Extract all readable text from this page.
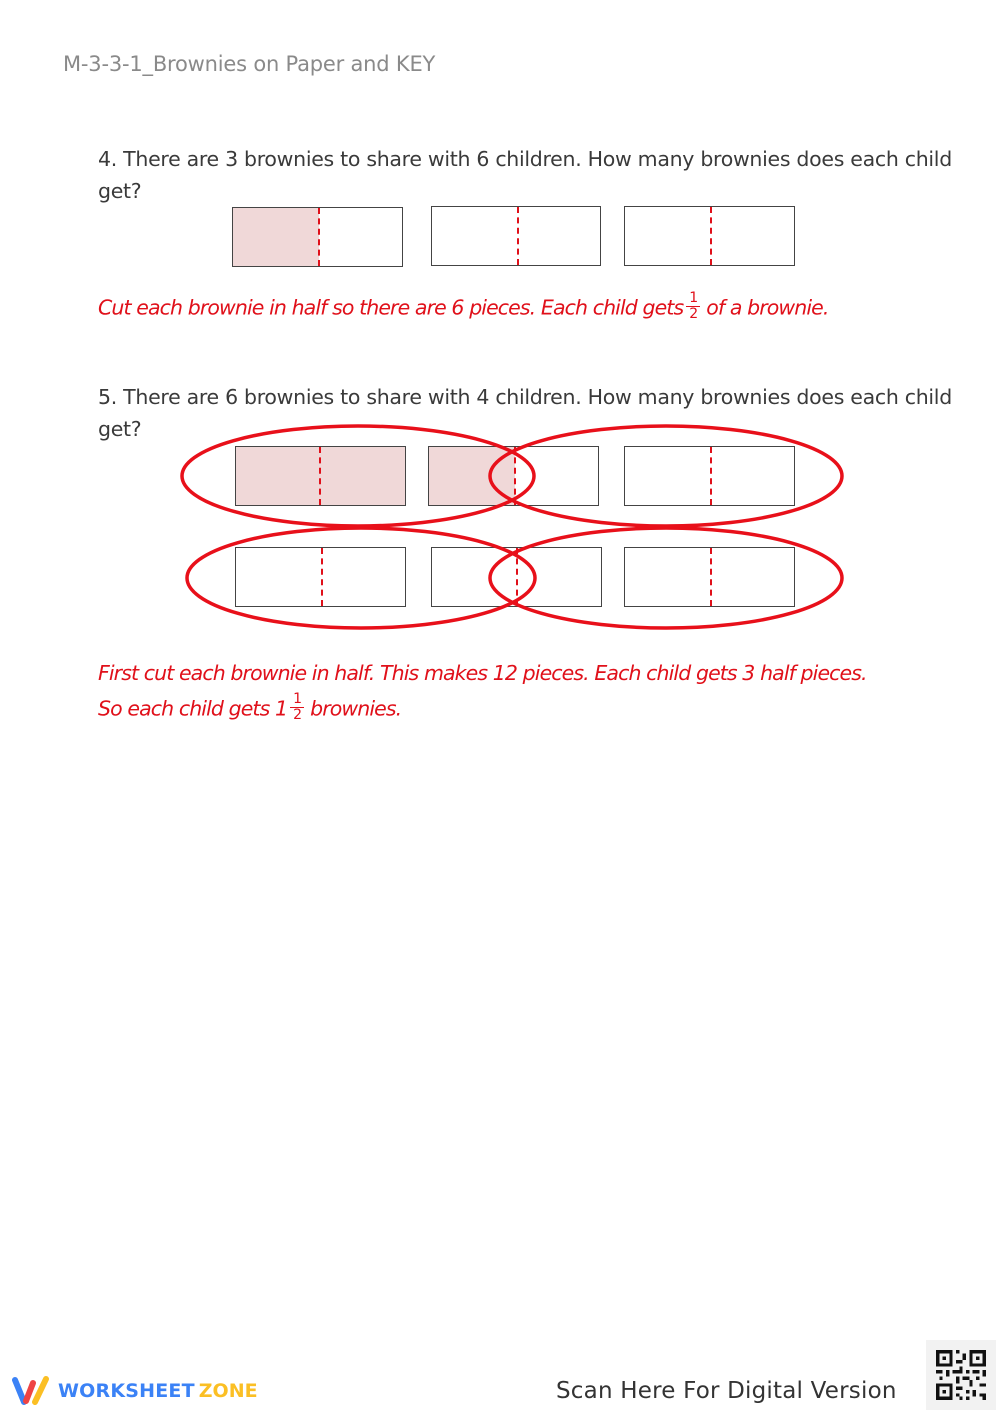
M-3-3-1_Brownies on Paper and KEY
4. There are 3 brownies to share with 6 children. How many brownies does each child get?
Cut each brownie in half so there are 6 pieces. Each child gets $\frac{1}{2}$ of a brownie.
5. There are 6 brownies to share with 4 children. How many brownies does each child get?
First cut each brownie in half. This makes 12 pieces. Each child gets 3 half pieces.
So each child gets $1 \frac{1}{2}$ brownies.
WORKSHEET ZONE	Scan Here For Digital Version
